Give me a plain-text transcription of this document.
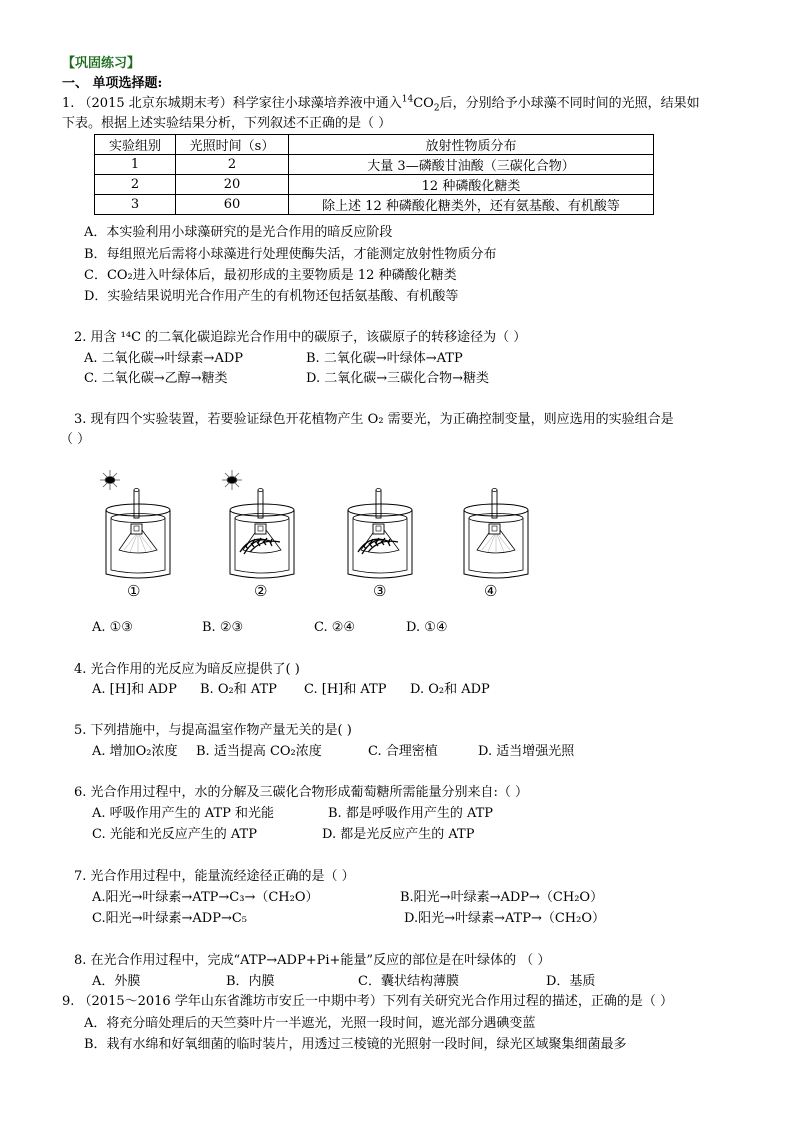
【巩固练习】
一、 单项选择题:
1. （2015 北京东城期末考）科学家往小球藻培养液中通入$^{14}CO_2$后，分别给予小球藻不同时间的光照，结果如
下表。根据上述实验结果分析，下列叙述不正确的是（ ）
实验组别	光照时间（s）	放射性物质分布
1	2	大量 3—磷酸甘油酸（三碳化合物）
2	20	12 种磷酸化糖类
3	60	除上述 12 种磷酸化糖类外，还有氨基酸、有机酸等
A．本实验利用小球藻研究的是光合作用的暗反应阶段
B．每组照光后需将小球藻进行处理使酶失活，才能测定放射性物质分布
C．CO₂进入叶绿体后，最初形成的主要物质是 12 种磷酸化糖类
D．实验结果说明光合作用产生的有机物还包括氨基酸、有机酸等
2. 用含 ¹⁴C 的二氧化碳追踪光合作用中的碳原子，该碳原子的转移途径为（ ）
A. 二氧化碳→叶绿素→ADP	B. 二氧化碳→叶绿体→ATP
C. 二氧化碳→乙醇→糖类	D. 二氧化碳→三碳化合物→糖类
3. 现有四个实验装置，若要验证绿色开花植物产生 O₂ 需要光，为正确控制变量，则应选用的实验组合是
（ ）
①	②	③	④
A. ①③	B. ②③	C. ②④	D. ①④
4. 光合作用的光反应为暗反应提供了( )
A. [H]和 ADP B. O₂和 ATP C. [H]和 ATP D. O₂和 ADP
5. 下列措施中，与提高温室作物产量无关的是( )
A. 增加O₂浓度 B. 适当提高 CO₂浓度	C. 合理密植	D. 适当增强光照
6. 光合作用过程中，水的分解及三碳化合物形成葡萄糖所需能量分别来自:（ ）
A. 呼吸作用产生的 ATP 和光能	B. 都是呼吸作用产生的 ATP
C. 光能和光反应产生的 ATP	D. 都是光反应产生的 ATP
7. 光合作用过程中，能量流经途径正确的是（ ）
A.阳光→叶绿素→ATP→C₃→（CH₂O）	B.阳光→叶绿素→ADP→（CH₂O）
C.阳光→叶绿素→ADP→C₅	D.阳光→叶绿素→ATP→（CH₂O）
8. 在光合作用过程中，完成“ATP→ADP+Pi+能量”反应的部位是在叶绿体的 （ ）
A．外膜	B．内膜	C．囊状结构薄膜	D．基质
9. （2015～2016 学年山东省潍坊市安丘一中期中考）下列有关研究光合作用过程的描述，正确的是（ ）
A．将充分暗处理后的天竺葵叶片一半遮光，光照一段时间，遮光部分遇碘变蓝
B．栽有水绵和好氧细菌的临时装片，用透过三棱镜的光照射一段时间，绿光区域聚集细菌最多
